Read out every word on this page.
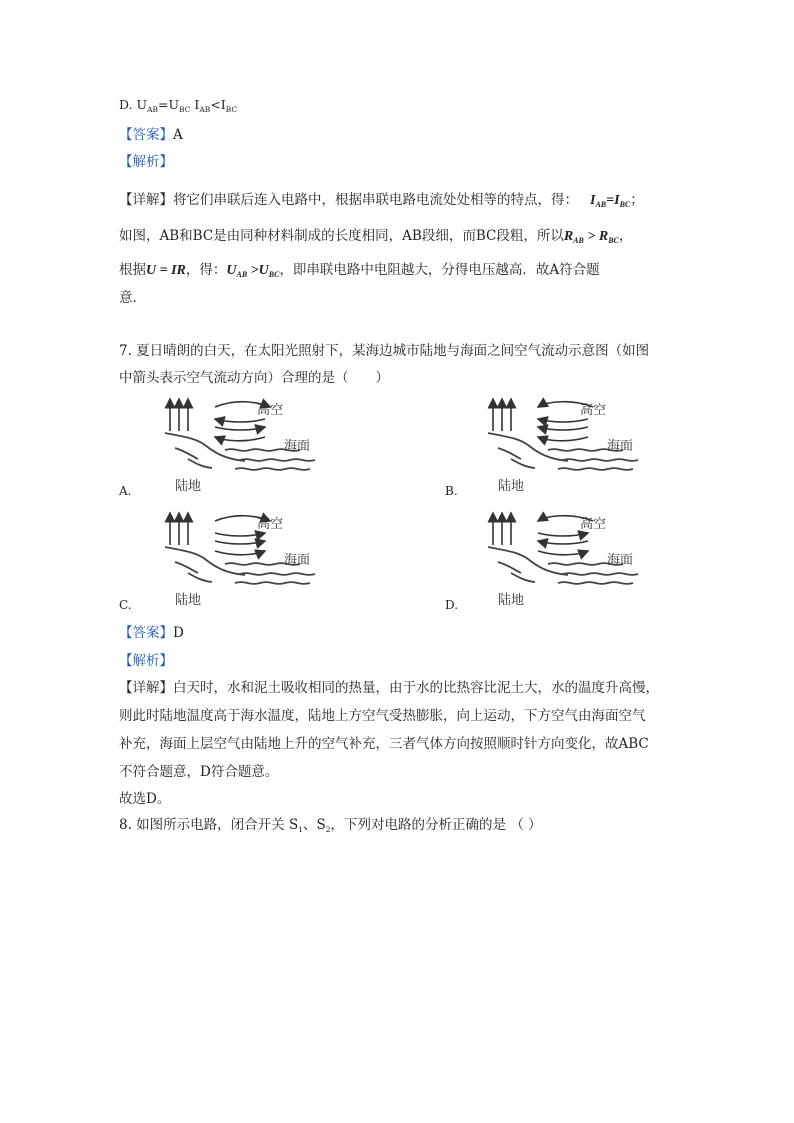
D. $U_{AB}=U_{BC}$ $I_{AB}<I_{BC}$
【答案】A
【解析】
【详解】将它们串联后连入电路中，根据串联电路电流处处相等的特点，得： $I_{AB}=I_{BC}$；
如图，AB和BC是由同种材料制成的长度相同，AB段细，而BC段粗，所以$R_{AB} > R_{BC}$，
根据U = IR，得：$U_{AB} >U_{BC}$，即串联电路中电阻越大，分得电压越高．故A符合题
意.
7. 夏日晴朗的白天，在太阳光照射下，某海边城市陆地与海面之间空气流动示意图（如图
中箭头表示空气流动方向）合理的是（　　）
高空
海面
陆地
A.
高空
海面
陆地
B.
高空
海面
陆地
C.
高空
海面
陆地
D.
【答案】D
【解析】
【详解】白天时，水和泥土吸收相同的热量，由于水的比热容比泥土大，水的温度升高慢，
则此时陆地温度高于海水温度，陆地上方空气受热膨胀，向上运动，下方空气由海面空气
补充，海面上层空气由陆地上升的空气补充，三者气体方向按照顺时针方向变化，故ABC
不符合题意，D符合题意。
故选D。
8. 如图所示电路，闭合开关 $S_1$、$S_2$，下列对电路的分析正确的是 （ ）
